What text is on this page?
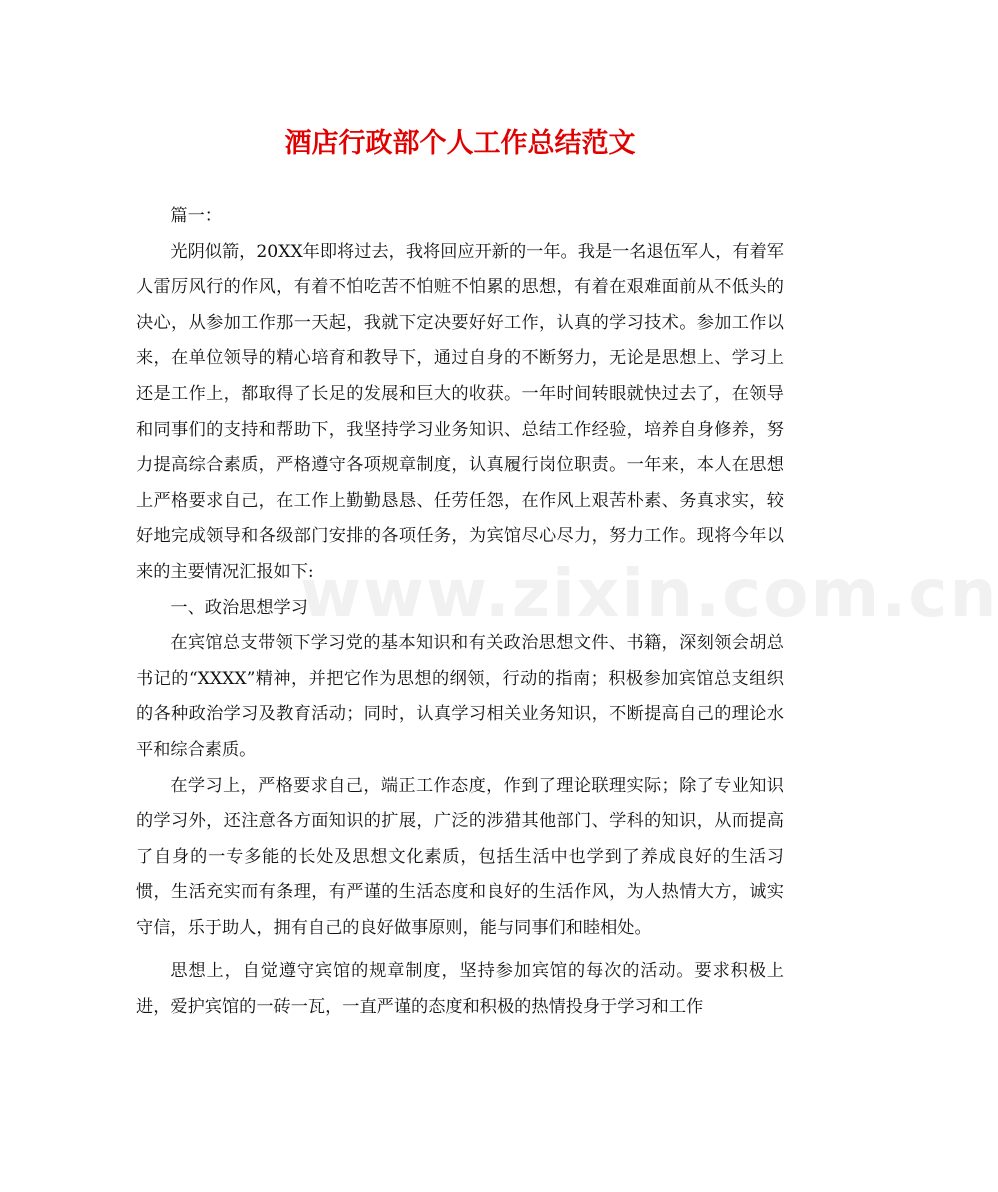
酒店行政部个人工作总结范文

篇一：

光阴似箭，20XX年即将过去，我将回应开新的一年。我是一名退伍军人，有着军人雷厉风行的作风，有着不怕吃苦不怕赃不怕累的思想，有着在艰难面前从不低头的决心，从参加工作那一天起，我就下定决要好好工作，认真的学习技术。参加工作以来，在单位领导的精心培育和教导下，通过自身的不断努力，无论是思想上、学习上还是工作上，都取得了长足的发展和巨大的收获。一年时间转眼就快过去了，在领导和同事们的支持和帮助下，我坚持学习业务知识、总结工作经验，培养自身修养，努力提高综合素质，严格遵守各项规章制度，认真履行岗位职责。一年来，本人在思想上严格要求自己，在工作上勤勤恳恳、任劳任怨，在作风上艰苦朴素、务真求实，较好地完成领导和各级部门安排的各项任务，为宾馆尽心尽力，努力工作。现将今年以来的主要情况汇报如下:

一、政治思想学习

在宾馆总支带领下学习党的基本知识和有关政治思想文件、书籍，深刻领会胡总书记的“XXXX”精神，并把它作为思想的纲领，行动的指南；积极参加宾馆总支组织的各种政治学习及教育活动；同时，认真学习相关业务知识，不断提高自己的理论水平和综合素质。

在学习上，严格要求自己，端正工作态度，作到了理论联理实际；除了专业知识的学习外，还注意各方面知识的扩展，广泛的涉猎其他部门、学科的知识，从而提高了自身的一专多能的长处及思想文化素质，包括生活中也学到了养成良好的生活习惯，生活充实而有条理，有严谨的生活态度和良好的生活作风，为人热情大方，诚实守信，乐于助人，拥有自己的良好做事原则，能与同事们和睦相处。

思想上，自觉遵守宾馆的规章制度，坚持参加宾馆的每次的活动。要求积极上进，爱护宾馆的一砖一瓦，一直严谨的态度和积极的热情投身于学习和工作

www.zixin.com.cn
